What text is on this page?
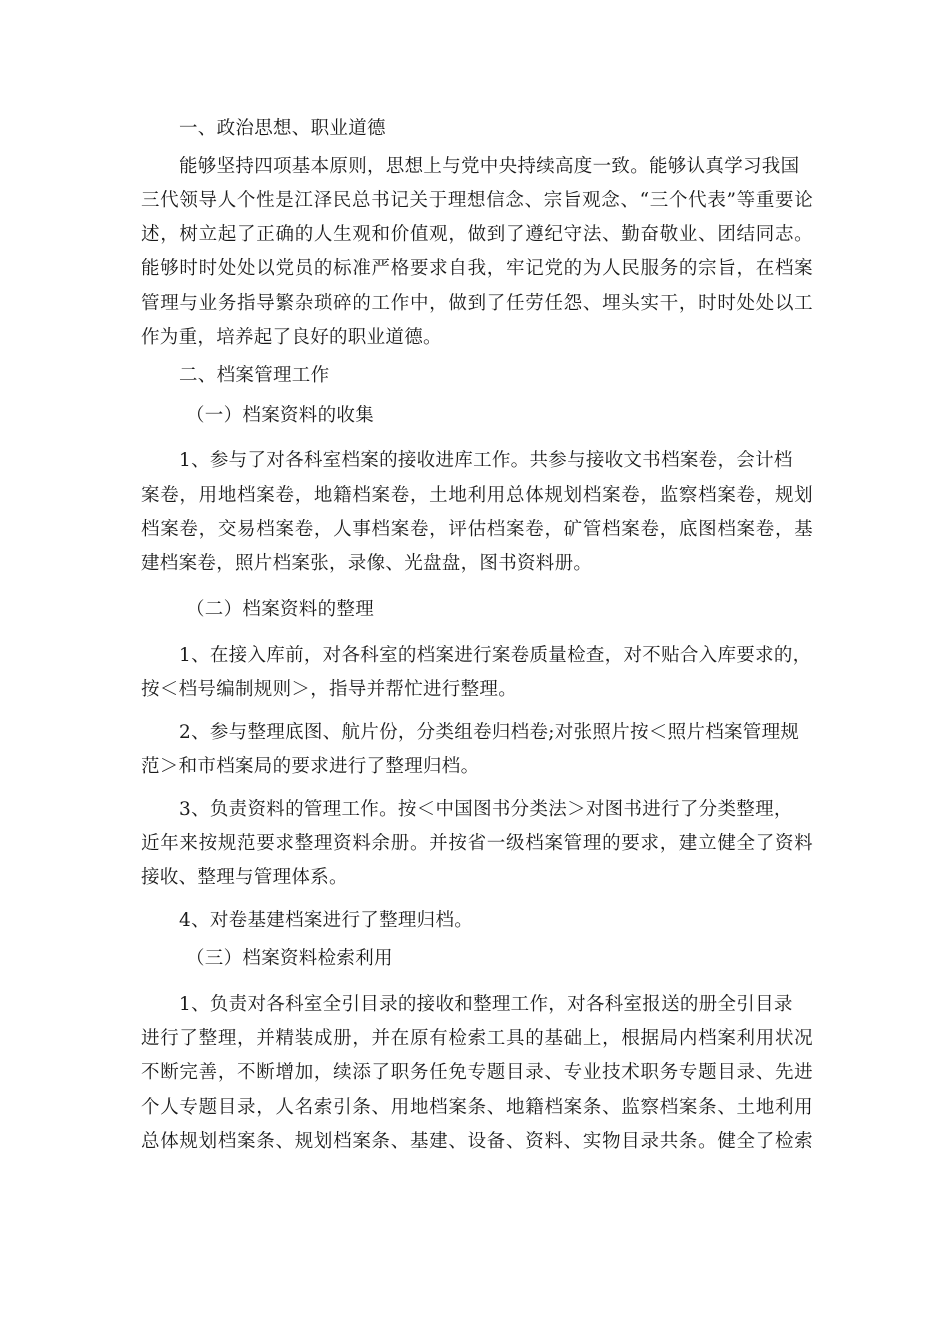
一、政治思想、职业道德
能够坚持四项基本原则，思想上与党中央持续高度一致。能够认真学习我国
三代领导人个性是江泽民总书记关于理想信念、宗旨观念、“三个代表”等重要论
述，树立起了正确的人生观和价值观，做到了遵纪守法、勤奋敬业、团结同志。
能够时时处处以党员的标准严格要求自我，牢记党的为人民服务的宗旨，在档案
管理与业务指导繁杂琐碎的工作中，做到了任劳任怨、埋头实干，时时处处以工
作为重，培养起了良好的职业道德。
二、档案管理工作
（一）档案资料的收集
1、参与了对各科室档案的接收进库工作。共参与接收文书档案卷，会计档
案卷，用地档案卷，地籍档案卷，土地利用总体规划档案卷，监察档案卷，规划
档案卷，交易档案卷，人事档案卷，评估档案卷，矿管档案卷，底图档案卷，基
建档案卷，照片档案张，录像、光盘盘，图书资料册。
（二）档案资料的整理
1、在接入库前，对各科室的档案进行案卷质量检查，对不贴合入库要求的，
按＜档号编制规则＞，指导并帮忙进行整理。
2、参与整理底图、航片份，分类组卷归档卷;对张照片按＜照片档案管理规
范＞和市档案局的要求进行了整理归档。
3、负责资料的管理工作。按＜中国图书分类法＞对图书进行了分类整理，
近年来按规范要求整理资料余册。并按省一级档案管理的要求，建立健全了资料
接收、整理与管理体系。
4、对卷基建档案进行了整理归档。
（三）档案资料检索利用
1、负责对各科室全引目录的接收和整理工作，对各科室报送的册全引目录
进行了整理，并精装成册，并在原有检索工具的基础上，根据局内档案利用状况
不断完善，不断增加，续添了职务任免专题目录、专业技术职务专题目录、先进
个人专题目录，人名索引条、用地档案条、地籍档案条、监察档案条、土地利用
总体规划档案条、规划档案条、基建、设备、资料、实物目录共条。健全了检索
